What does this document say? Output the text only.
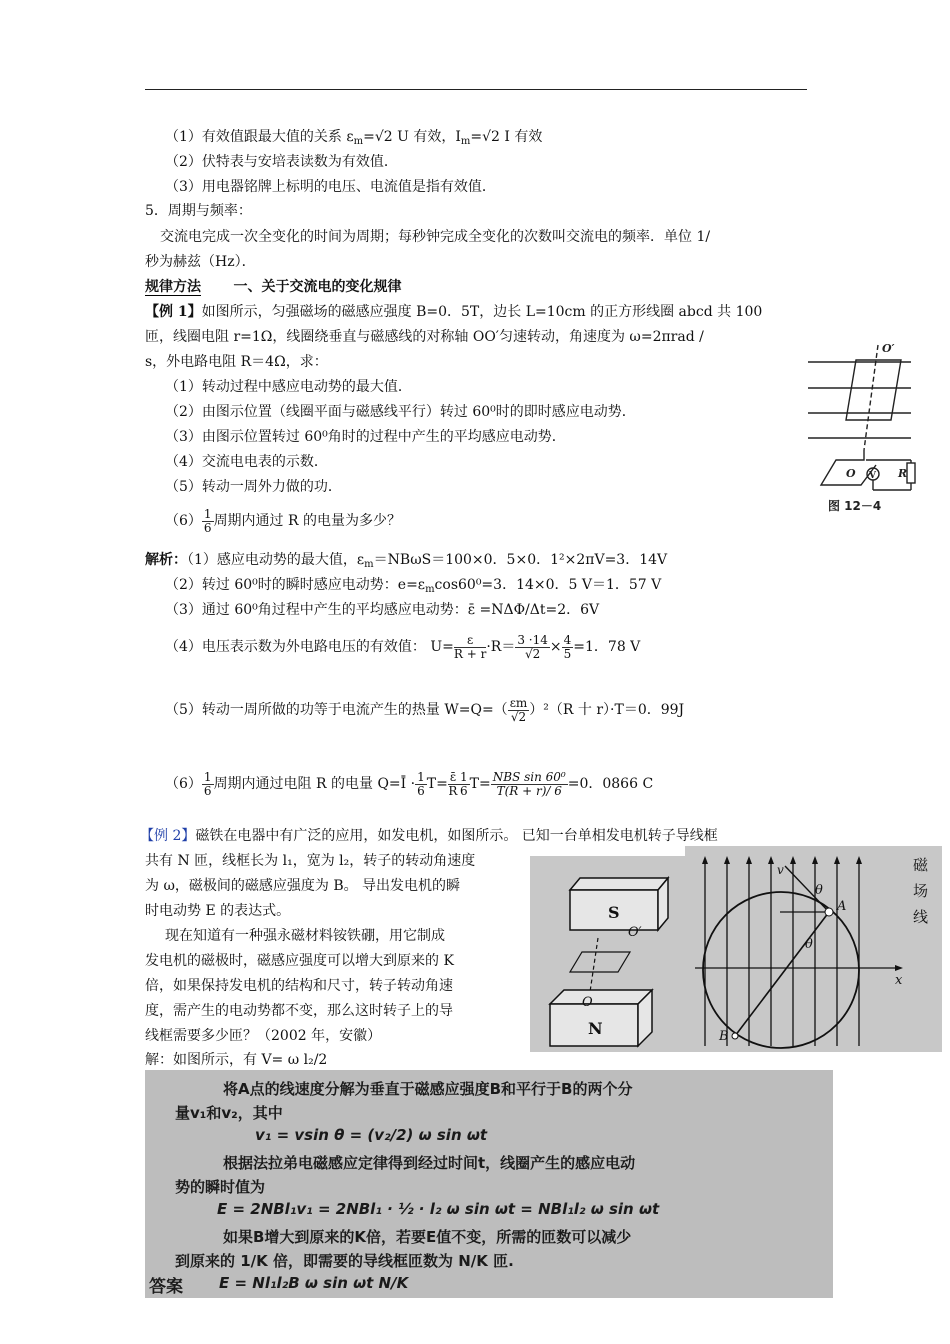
（1）有效值跟最大值的关系 $\varepsilon_m=√2$ U 有效，$I_m=√2$ I 有效
（2）伏特表与安培表读数为有效值．
（3）用电器铭牌上标明的电压、电流值是指有效值．
5．周期与频率：
交流电完成一次全变化的时间为周期；每秒钟完成全变化的次数叫交流电的频率．单位 1/
秒为赫兹（Hz）．
规律方法 一、关于交流电的变化规律
【例 1】如图所示，匀强磁场的磁感应强度 B=0．5T，边长 L=10cm 的正方形线圈 abcd 共 100
匝，线圈电阻 r=1Ω，线圈绕垂直与磁感线的对称轴 OO′匀速转动，角速度为 ω=2πrad /
s，外电路电阻 R＝4Ω，求：
（1）转动过程中感应电动势的最大值．
（2）由图示位置（线圈平面与磁感线平行）转过 60⁰时的即时感应电动势．
（3）由图示位置转过 60⁰角时的过程中产生的平均感应电动势．
（4）交流电电表的示数．
（5）转动一周外力做的功．
$(6) \frac{1}{6}$ 周期内通过 R 的电量为多少？
O′
O V R
图 12－4
解析：（1）感应电动势的最大值，$\varepsilon_m=NB\omega S=100\times 0$．5×0．1²×2πV=3．14V
（2）转过 60⁰时的瞬时感应电动势：$e=\varepsilon_m\cos 60^0=3$．14×0．5 V＝1．57 V
（3）通过 60⁰角过程中产生的平均感应电动势：ε̄ =NΔΦ/Δt=2．6V
（4）电压表示数为外电路电压的有效值： $U= \frac{\varepsilon}{R + r} \cdot R= \frac{3 \cdot 14}{√2} \times \frac{4}{5} =1$．78 V
（5）转动一周所做的功等于电流产生的热量 $W=Q=( \frac{\varepsilon m}{√2} )^2(R$ 十 r）·T＝0．99J
$(6) \frac{1}{6}$ 周期内通过电阻 R 的电量 Q=Ī · $\frac{1}{6} T= \frac{\varepsilon̄}{R} \frac{1}{6} T= \frac{\text{NBS sin 60⁰}}{T(R + r)/ 6} =0$．0866 C
【例 2】磁铁在电器中有广泛的应用，如发电机，如图所示。 已知一台单相发电机转子导线框
共有 N 匝，线框长为 l₁，宽为 l₂，转子的转动角速度
为 ω，磁极间的磁感应强度为 B。 导出发电机的瞬
时电动势 E 的表达式。
现在知道有一种强永磁材料铵铁硼，用它制成
发电机的磁极时，磁感应强度可以增大到原来的 K
倍，如果保持发电机的结构和尺寸，转子转动角速
度，需产生的电动势都不变，那么这时转子上的导
线框需要多少匝？（2002 年，安徽）
解：如图所示，有 V= ω l₂/2
S
N
O′
O
v
θ
θ
A
B
x
磁
场
线
将A点的线速度分解为垂直于磁感应强度B和平行于B的两个分
量v₁和v₂，其中
v₁ = vsin θ = (v₂/2) ω sin ωt
根据法拉弟电磁感应定律得到经过时间t，线圈产生的感应电动
势的瞬时值为
E = 2NBl₁v₁ = 2NBl₁ · ½ · l₂ ω sin ωt = NBl₁l₂ ω sin ωt
如果B增大到原来的K倍，若要E值不变，所需的匝数可以减少
到原来的 1/K 倍，即需要的导线框匝数为 N/K 匝.
答案 E = Nl₁l₂B ω sin ωt N/K
